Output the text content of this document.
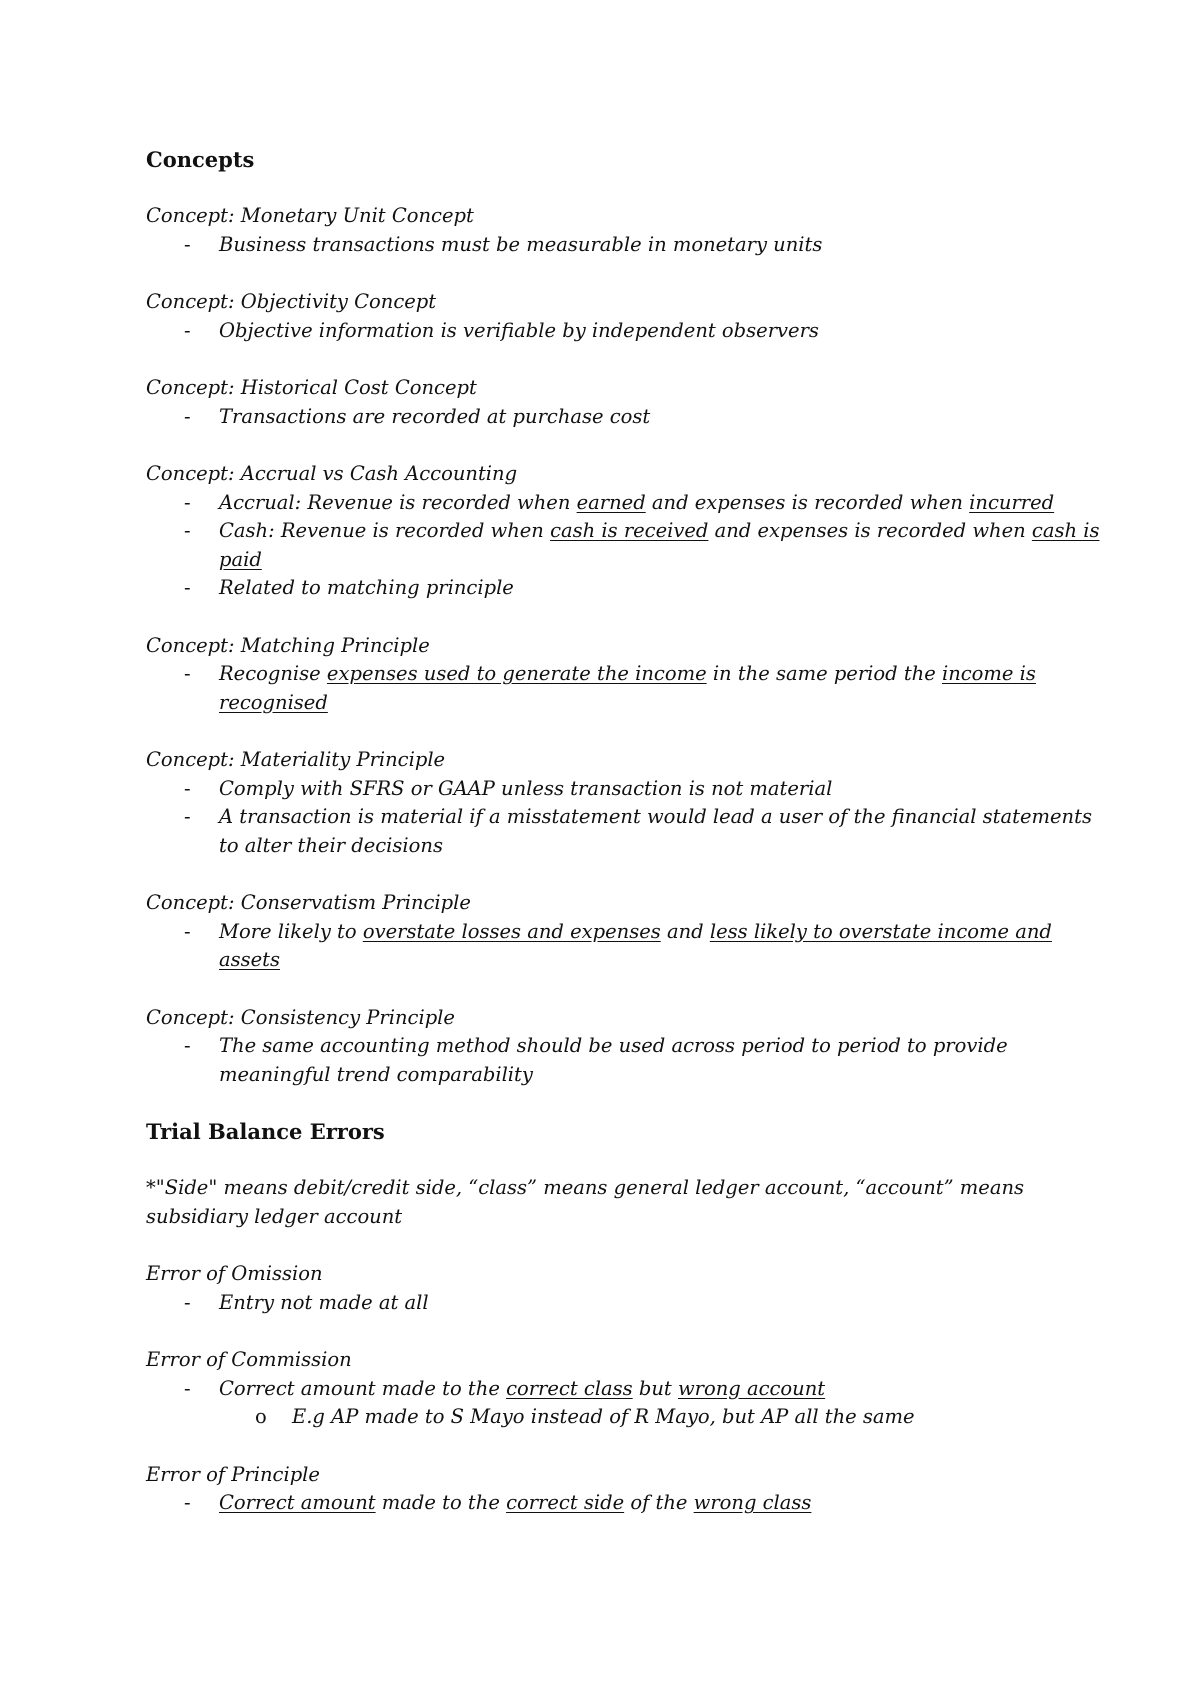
Concepts

Concept: Monetary Unit Concept

- Business transactions must be measurable in monetary units

Concept: Objectivity Concept

- Objective information is verifiable by independent observers

Concept: Historical Cost Concept

- Transactions are recorded at purchase cost

Concept: Accrual vs Cash Accounting

- Accrual: Revenue is recorded when earned and expenses is recorded when incurred
- Cash: Revenue is recorded when cash is received and expenses is recorded when cash is paid
- Related to matching principle

Concept: Matching Principle

- Recognise expenses used to generate the income in the same period the income is recognised

Concept: Materiality Principle

- Comply with SFRS or GAAP unless transaction is not material
- A transaction is material if a misstatement would lead a user of the financial statements to alter their decisions

Concept: Conservatism Principle

- More likely to overstate losses and expenses and less likely to overstate income and assets

Concept: Consistency Principle

- The same accounting method should be used across period to period to provide meaningful trend comparability
Trial Balance Errors

*"Side" means debit/credit side, “class” means general ledger account, “account” means subsidiary ledger account

Error of Omission

- Entry not made at all

Error of Commission

- Correct amount made to the correct class but wrong account
o E.g AP made to S Mayo instead of R Mayo, but AP all the same

Error of Principle

- Correct amount made to the correct side of the wrong class
